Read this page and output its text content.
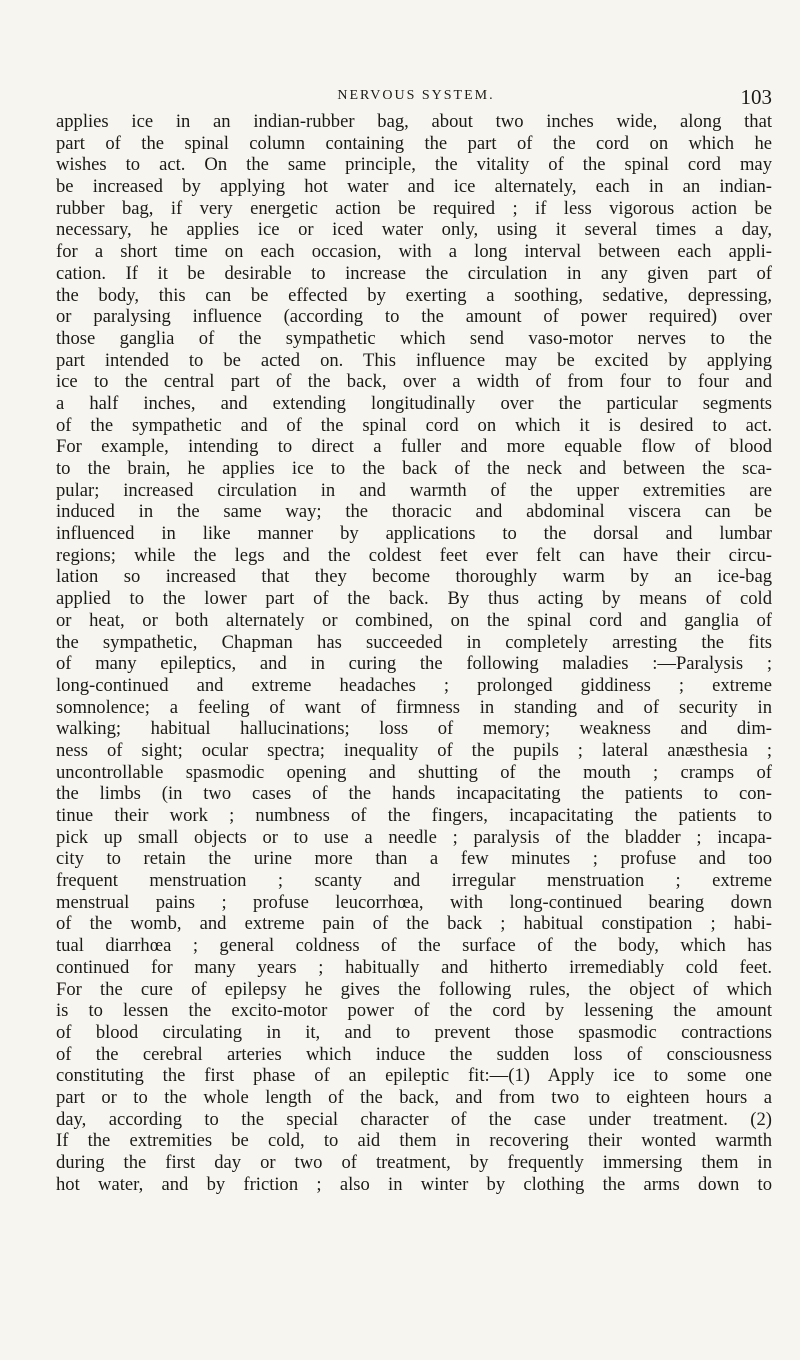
NERVOUS SYSTEM.	103
applies ice in an indian-rubber bag, about two inches wide, along that
part of the spinal column containing the part of the cord on which he
wishes to act. On the same principle, the vitality of the spinal cord may
be increased by applying hot water and ice alternately, each in an indian-
rubber bag, if very energetic action be required ; if less vigorous action be
necessary, he applies ice or iced water only, using it several times a day,
for a short time on each occasion, with a long interval between each appli-
cation. If it be desirable to increase the circulation in any given part of
the body, this can be effected by exerting a soothing, sedative, depressing,
or paralysing influence (according to the amount of power required) over
those ganglia of the sympathetic which send vaso-motor nerves to the
part intended to be acted on. This influence may be excited by applying
ice to the central part of the back, over a width of from four to four and
a half inches, and extending longitudinally over the particular segments
of the sympathetic and of the spinal cord on which it is desired to act.
For example, intending to direct a fuller and more equable flow of blood
to the brain, he applies ice to the back of the neck and between the sca-
pular; increased circulation in and warmth of the upper extremities are
induced in the same way; the thoracic and abdominal viscera can be
influenced in like manner by applications to the dorsal and lumbar
regions; while the legs and the coldest feet ever felt can have their circu-
lation so increased that they become thoroughly warm by an ice-bag
applied to the lower part of the back. By thus acting by means of cold
or heat, or both alternately or combined, on the spinal cord and ganglia of
the sympathetic, Chapman has succeeded in completely arresting the fits
of many epileptics, and in curing the following maladies :—Paralysis ;
long-continued and extreme headaches ; prolonged giddiness ; extreme
somnolence; a feeling of want of firmness in standing and of security in
walking; habitual hallucinations; loss of memory; weakness and dim-
ness of sight; ocular spectra; inequality of the pupils ; lateral anæsthesia ;
uncontrollable spasmodic opening and shutting of the mouth ; cramps of
the limbs (in two cases of the hands incapacitating the patients to con-
tinue their work ; numbness of the fingers, incapacitating the patients to
pick up small objects or to use a needle ; paralysis of the bladder ; incapa-
city to retain the urine more than a few minutes ; profuse and too
frequent menstruation ; scanty and irregular menstruation ; extreme
menstrual pains ; profuse leucorrhœa, with long-continued bearing down
of the womb, and extreme pain of the back ; habitual constipation ; habi-
tual diarrhœa ; general coldness of the surface of the body, which has
continued for many years ; habitually and hitherto irremediably cold feet.
For the cure of epilepsy he gives the following rules, the object of which
is to lessen the excito-motor power of the cord by lessening the amount
of blood circulating in it, and to prevent those spasmodic contractions
of the cerebral arteries which induce the sudden loss of consciousness
constituting the first phase of an epileptic fit:—(1) Apply ice to some one
part or to the whole length of the back, and from two to eighteen hours a
day, according to the special character of the case under treatment. (2)
If the extremities be cold, to aid them in recovering their wonted warmth
during the first day or two of treatment, by frequently immersing them in
hot water, and by friction ; also in winter by clothing the arms down to
